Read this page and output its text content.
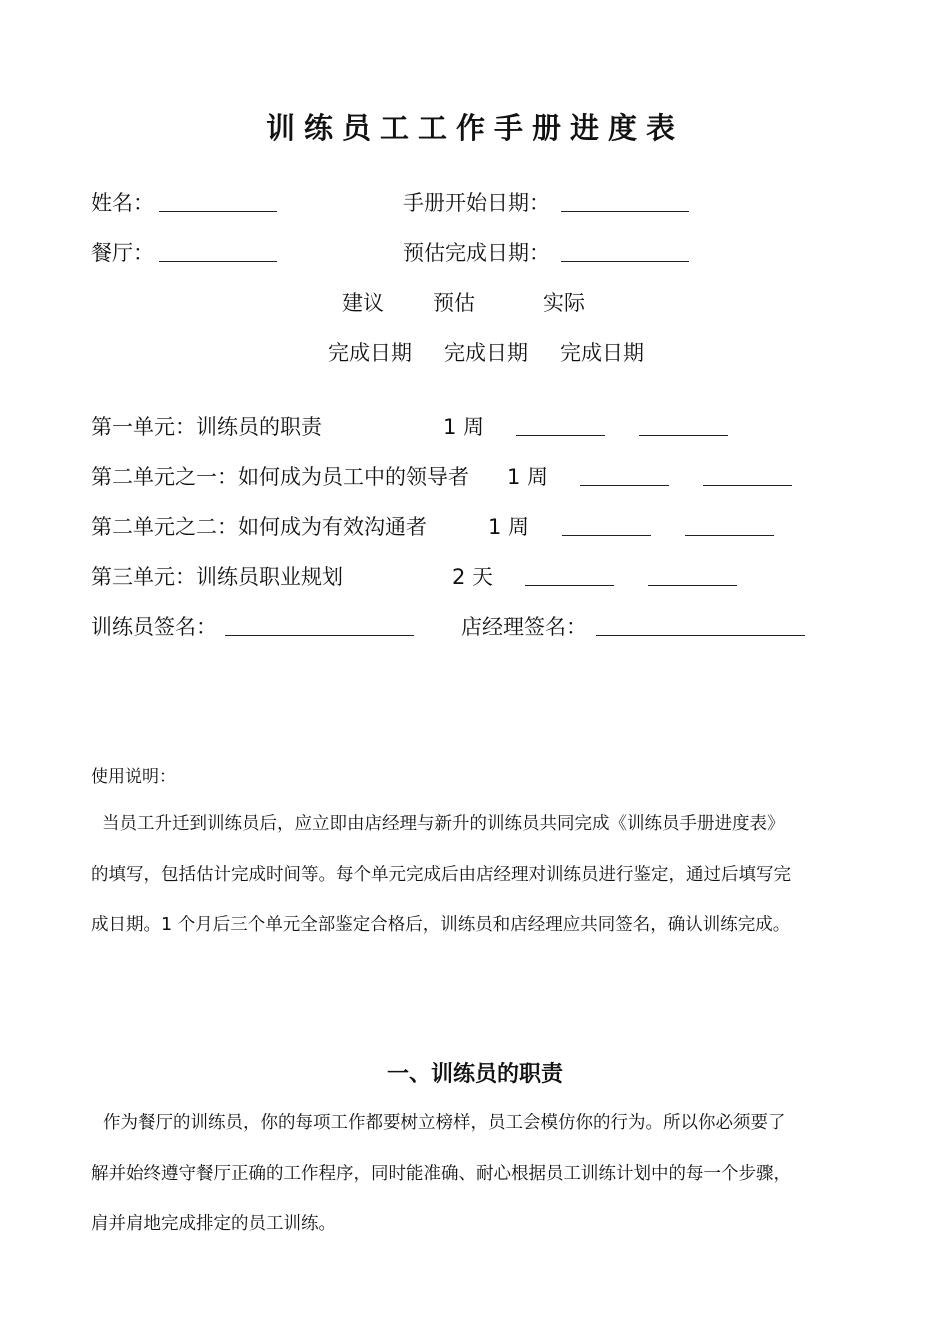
训练员工工作手册进度表
姓名：	手册开始日期：
餐厅：	预估完成日期：
建议 预估	实际
完成日期 完成日期 完成日期
第一单元：训练员的职责	1 周
第二单元之一：如何成为员工中的领导者 1 周
第二单元之二：如何成为有效沟通者	1 周
第三单元：训练员职业规划	2 天
训练员签名：	店经理签名：
使用说明：
当员工升迁到训练员后，应立即由店经理与新升的训练员共同完成《训练员手册进度表》
的填写，包括估计完成时间等。每个单元完成后由店经理对训练员进行鉴定，通过后填写完
成日期。1 个月后三个单元全部鉴定合格后，训练员和店经理应共同签名，确认训练完成。
一、训练员的职责
作为餐厅的训练员，你的每项工作都要树立榜样，员工会模仿你的行为。所以你必须要了
解并始终遵守餐厅正确的工作程序，同时能准确、耐心根据员工训练计划中的每一个步骤，
肩并肩地完成排定的员工训练。
